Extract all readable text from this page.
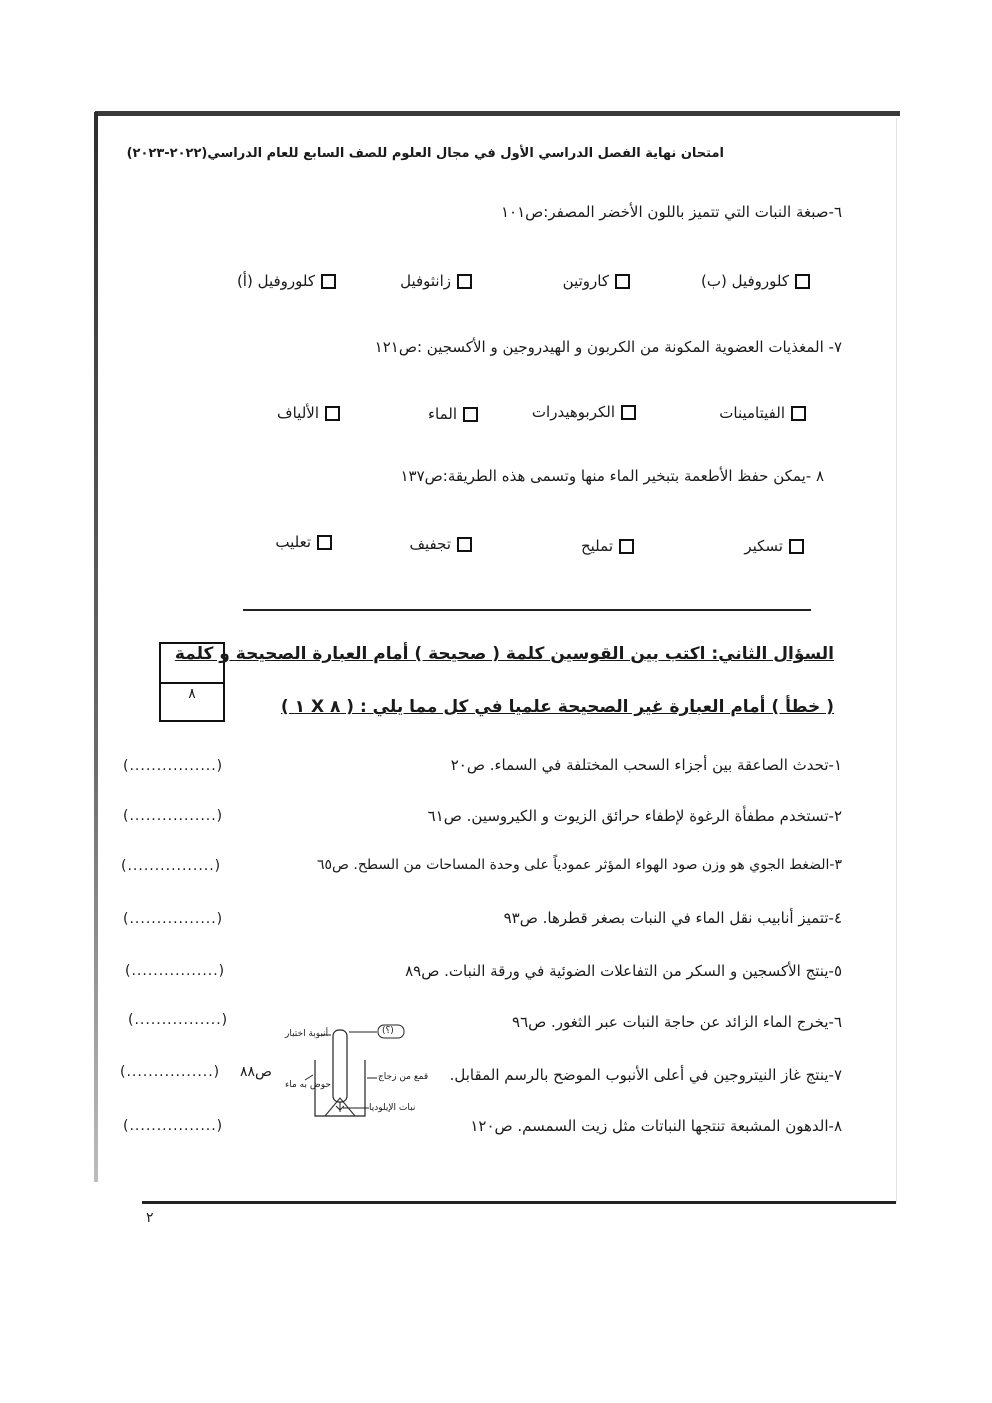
امتحان نهاية الفصل الدراسي الأول في مجال العلوم للصف السابع للعام الدراسي(٢٠٢٢-٢٠٢٣)
٦-صبغة النبات التي تتميز باللون الأخضر المصفر:ص١٠١
كلوروفيل (ب)
كاروتين
زانثوفيل
كلوروفيل (أ)
٧- المغذيات العضوية المكونة من الكربون و الهيدروجين و الأكسجين :ص١٢١
الفيتامينات
الكربوهيدرات
الماء
الألياف
٨ -يمكن حفظ الأطعمة بتبخير الماء منها وتسمى هذه الطريقة:ص١٣٧
تسكير
تمليح
تجفيف
تعليب
٨
السؤال الثاني: اكتب بين القوسين كلمة ( صحيحة ) أمام العبارة الصحيحة و كلمة
( خطأ ) أمام العبارة غير الصحيحة علميا في كل مما يلي : ( ٨ X ١ )
١-تحدث الصاعقة بين أجزاء السحب المختلفة في السماء. ص٢٠
(................)
٢-تستخدم مطفأة الرغوة لإطفاء حرائق الزيوت و الكيروسين. ص٦١
(................)
٣-الضغط الجوي هو وزن صود الهواء المؤثر عمودياً على وحدة المساحات من السطح. ص٦٥
(................)
٤-تتميز أنابيب نقل الماء في النبات بصغر قطرها. ص٩٣
(................)
٥-ينتج الأكسجين و السكر من التفاعلات الضوئية في ورقة النبات. ص٨٩
(................)
٦-يخرج الماء الزائد عن حاجة النبات عبر الثغور. ص٩٦
(................)
٧-ينتج غاز النيتروجين في أعلى الأنبوب الموضح بالرسم المقابل.
(................) ص٨٨
٨-الدهون المشبعة تنتجها النباتات مثل زيت السمسم. ص١٢٠
(................)
أنبوبة اختبار	(؟)
قمع من زجاج
حوض به ماء
نبات الإيلوديا
٢
